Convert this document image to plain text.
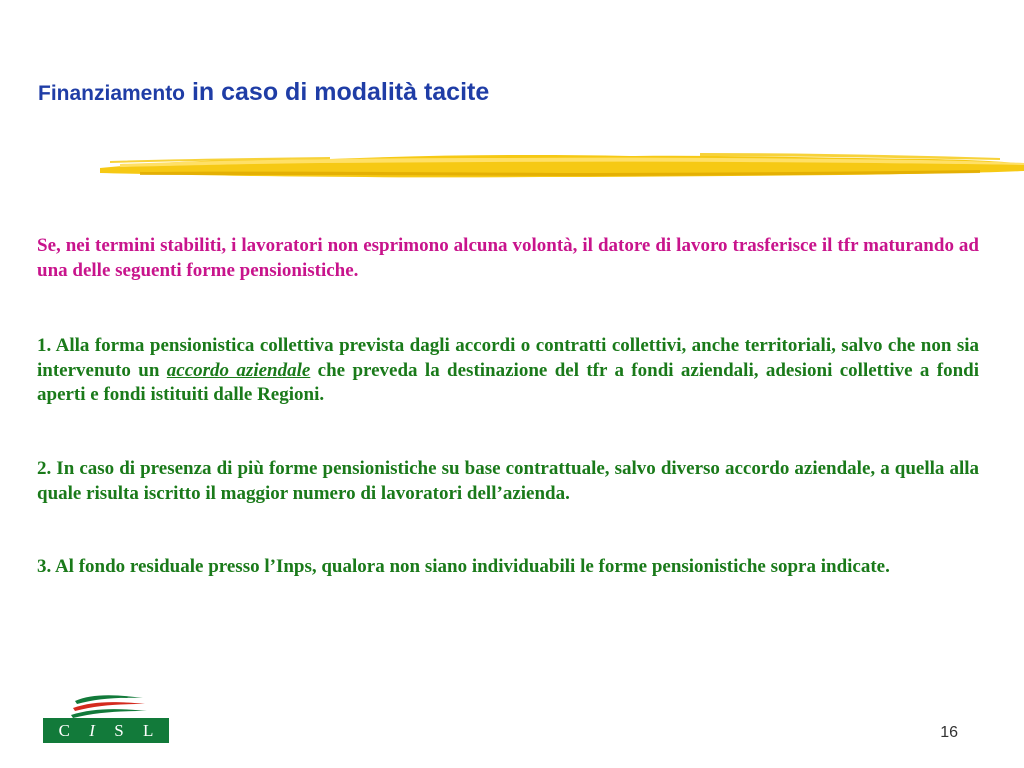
Finanziamento in caso di modalità tacite

Se, nei termini stabiliti, i lavoratori non esprimono alcuna volontà, il datore di lavoro trasferisce il tfr maturando ad una delle seguenti forme pensionistiche.

1. Alla forma pensionistica collettiva prevista dagli accordi o contratti collettivi, anche territoriali, salvo che non sia intervenuto un accordo aziendale che preveda la destinazione del tfr a fondi aziendali, adesioni collettive a fondi aperti e fondi istituiti dalle Regioni.

2. In caso di presenza di più forme pensionistiche su base contrattuale, salvo diverso accordo aziendale, a quella alla quale risulta iscritto il maggior numero di lavoratori dell’azienda.

3. Al fondo residuale presso l’Inps, qualora non siano individuabili le forme pensionistiche sopra indicate.

C I S L	16
